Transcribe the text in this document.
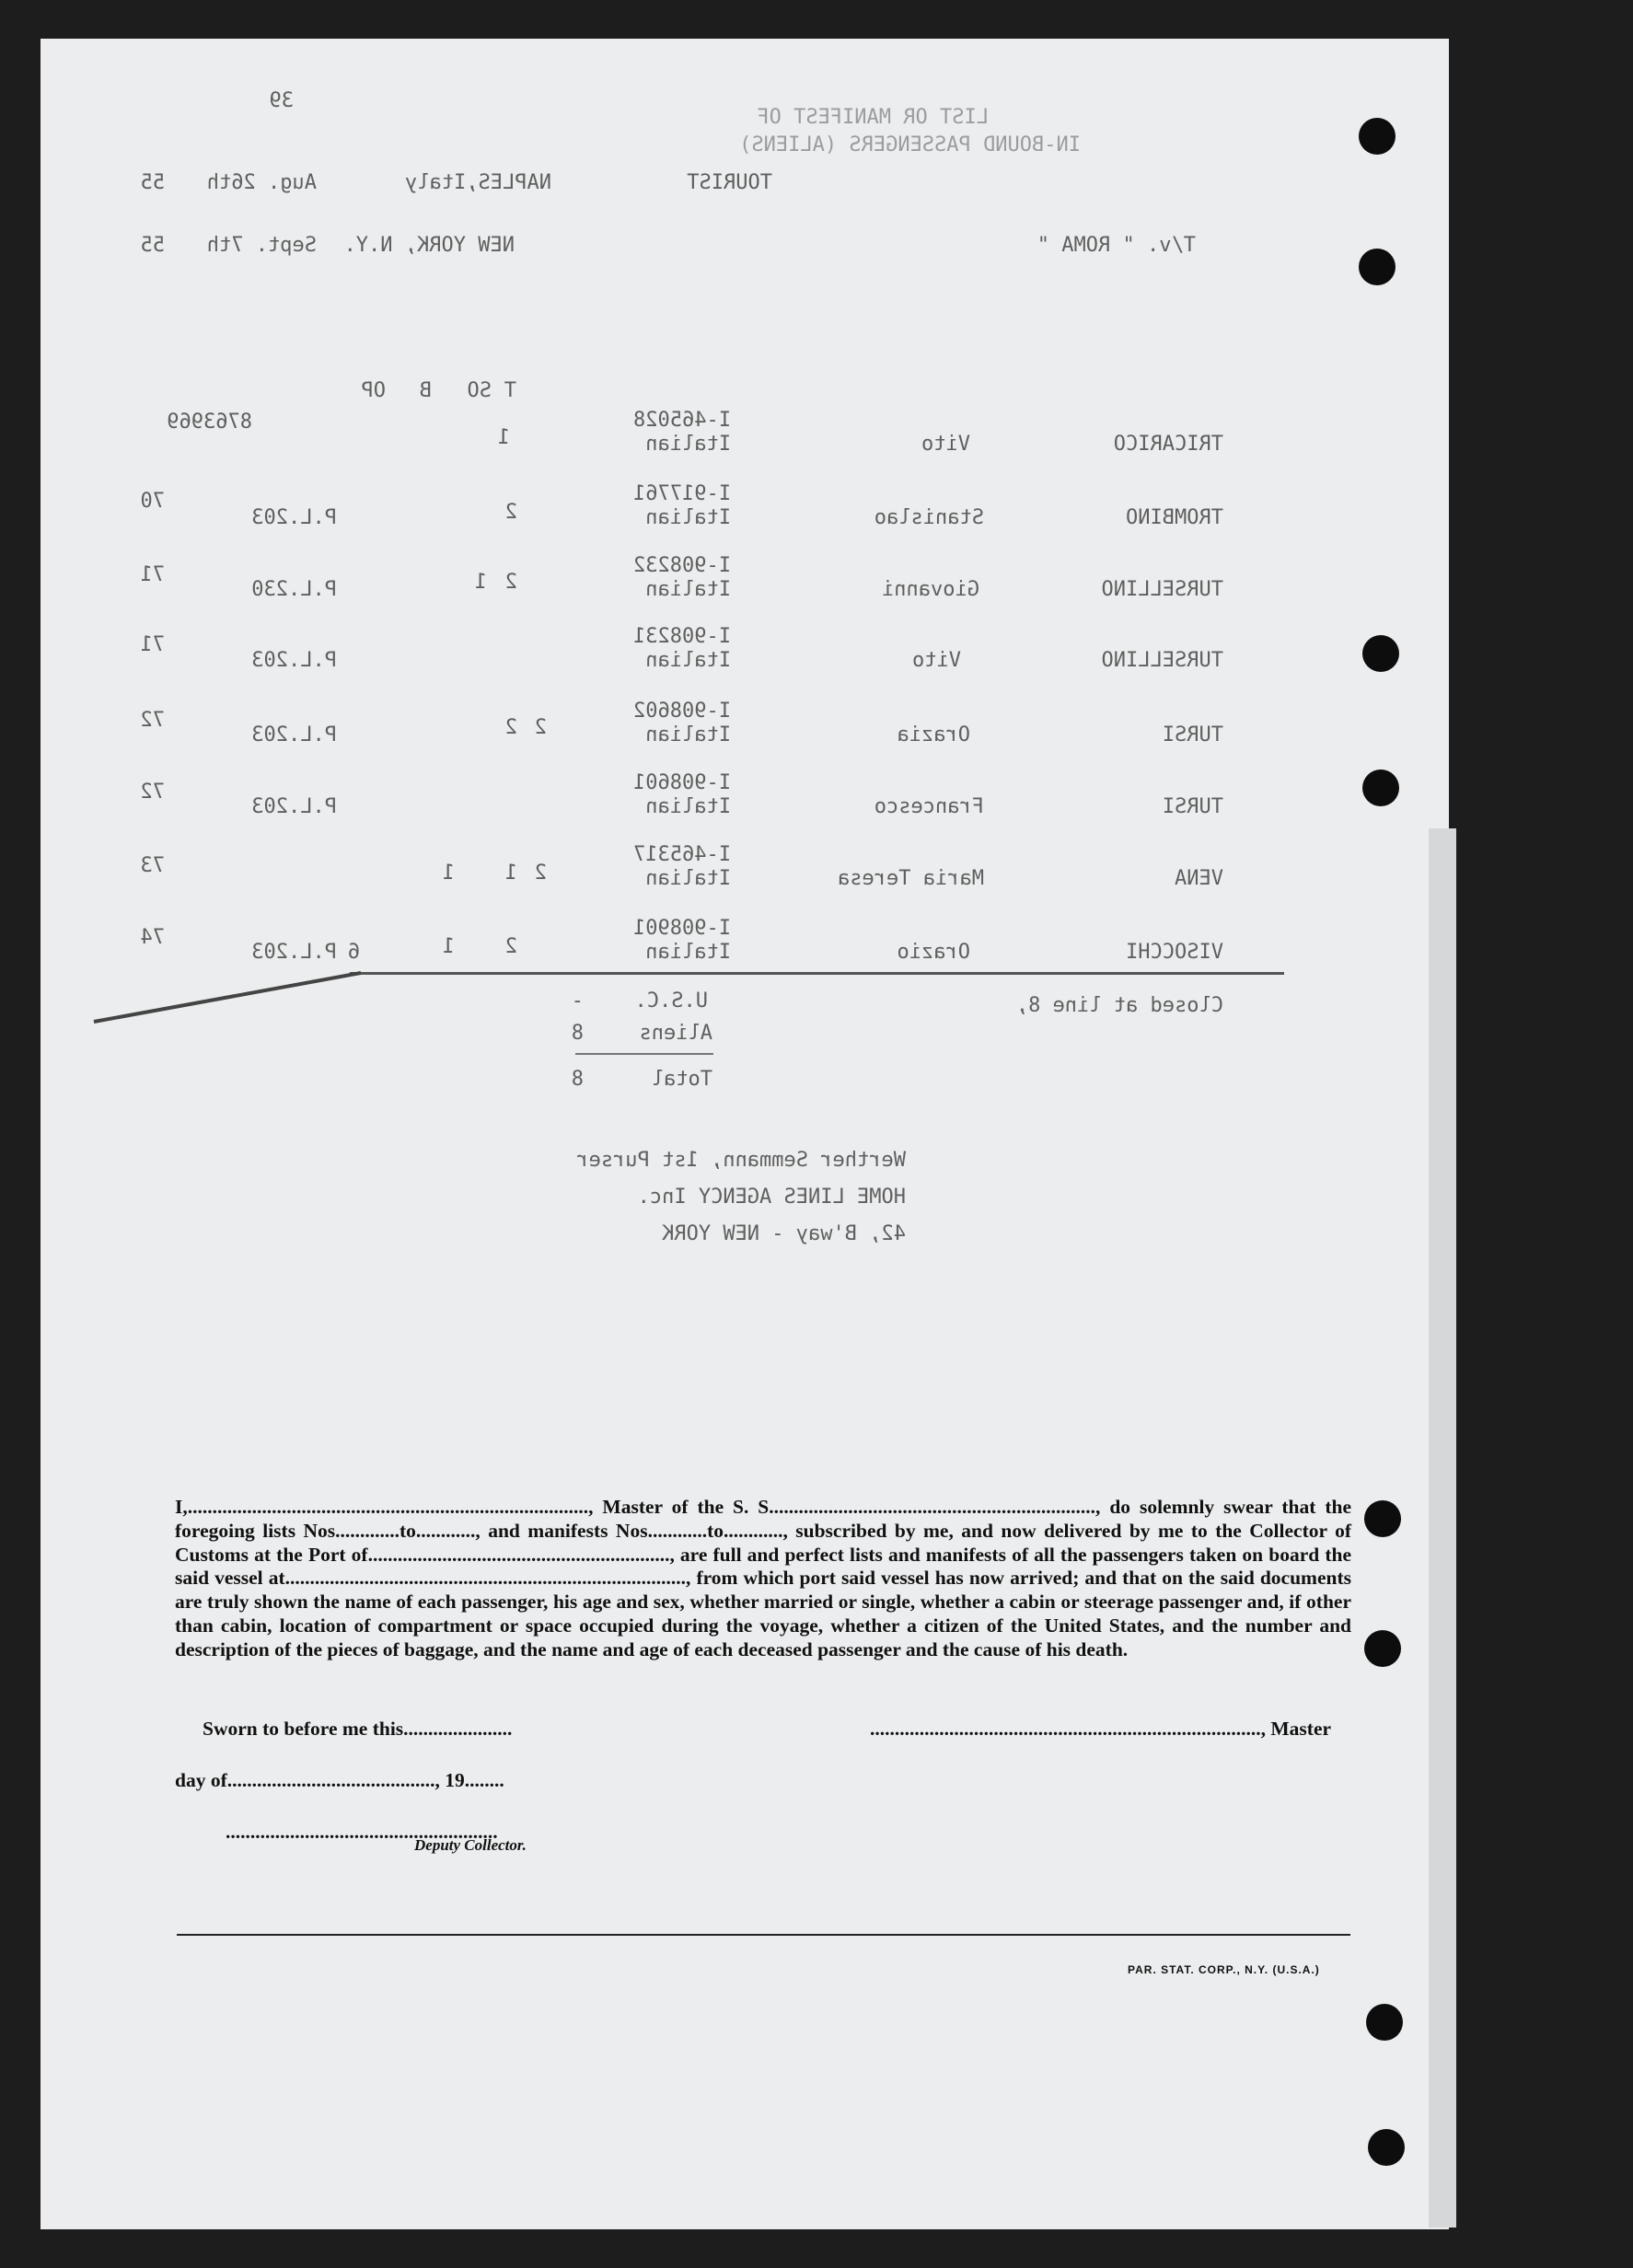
LIST OR MANIFEST OF
IN-BOUND PASSENGERS (ALIENS)
39
TOURIST
NAPLES,Italy
Aug. 26th
55
T/v. " ROMA "
NEW YORK, N.Y.
Sept. 7th
55
T
SO
B
OP
TRICARICO
Vito
I-465028
Italian
1
8763969
TROMBINO
Stanislao
I-917761
Italian
2
P.L.203
70
TURSELLINO
Giovanni
I-908232
Italian
2
1
P.L.230
71
TURSELLINO
Vito
I-908231
Italian
P.L.203
71
TURSI
Orazia
I-908602
Italian
2
2
P.L.203
72
TURSI
Francesco
I-908601
Italian
P.L.203
72
VENA
Maria Teresa
I-465317
Italian
2
1
1
73
VISOCCHI
Orazio
I-908901
Italian
2
1
6
P.L.203
74
Closed at line 8,
U.S.C.
-
Aliens
8
Total
8
Werther Semmann, 1st Purser
HOME LINES AGENCY Inc.
42, B'way - NEW YORK

I,................................................................................., Master of the S. S.................................................................., do solemnly swear that the foregoing lists Nos.............to............, and manifests Nos............to............, subscribed by me, and now delivered by me to the Collector of Customs at the Port of............................................................., are full and perfect lists and manifests of all the passengers taken on board the said vessel at................................................................................., from which port said vessel has now arrived; and that on the said documents are truly shown the name of each passenger, his age and sex, whether married or single, whether a cabin or steerage passenger and, if other than cabin, location of compartment or space occupied during the voyage, whether a citizen of the United States, and the number and description of the pieces of baggage, and the name and age of each deceased passenger and the cause of his death.

Sworn to before me this......................	..............................................................................., Master
day of.........................................., 19........
.......................................................
Deputy Collector.
PAR. STAT. CORP., N.Y. (U.S.A.)
